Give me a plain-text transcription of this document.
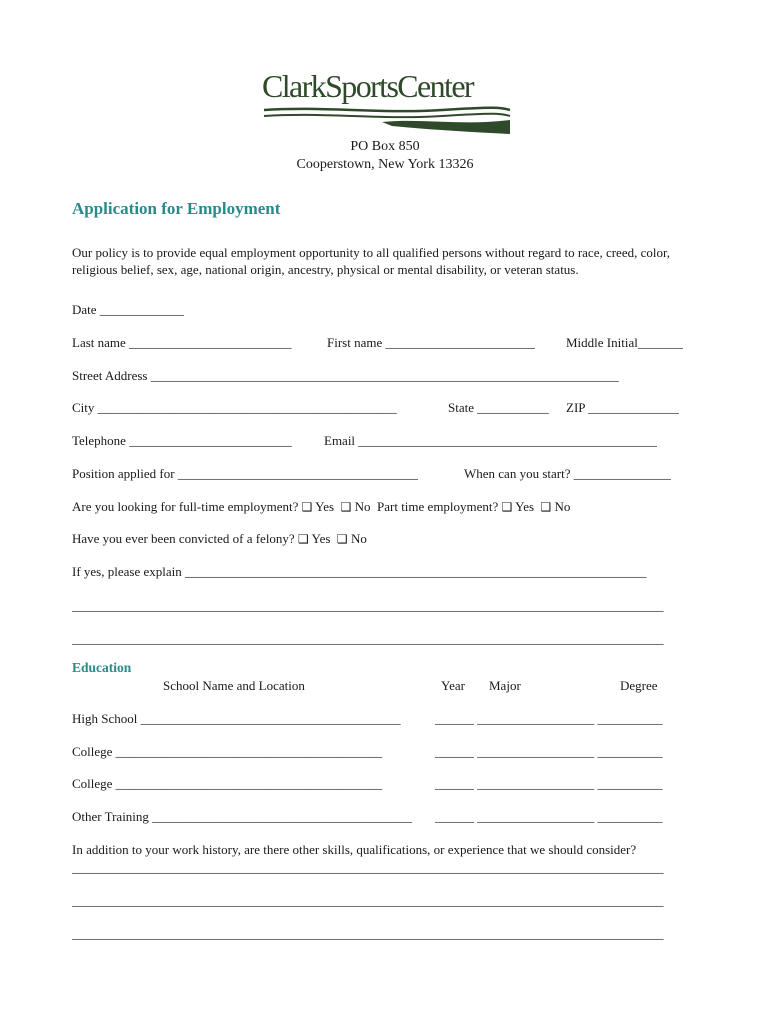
ClarkSportsCenter
PO Box 850
Cooperstown, New York 13326
Application for Employment
Our policy is to provide equal employment opportunity to all qualified persons without regard to race, creed, color, religious belief, sex, age, national origin, ancestry, physical or mental disability, or veteran status.
Date _____________
Last name _________________________	First name _______________________ Middle Initial_______
Street Address ________________________________________________________________________
City ______________________________________________	State ___________ ZIP ______________
Telephone _________________________ Email ______________________________________________
Position applied for _____________________________________	When can you start? _______________
Are you looking for full-time employment? ❑ Yes ❑ No Part time employment? ❑ Yes ❑ No
Have you ever been convicted of a felony? ❑ Yes ❑ No
If yes, please explain _______________________________________________________________________
___________________________________________________________________________________________
___________________________________________________________________________________________
Education
School Name and Location	Year Major	Degree
High School ________________________________________	______ __________________ __________
College _________________________________________	______ __________________ __________
College _________________________________________	______ __________________ __________
Other Training ________________________________________	______ __________________ __________
In addition to your work history, are there other skills, qualifications, or experience that we should consider?
___________________________________________________________________________________________
___________________________________________________________________________________________
___________________________________________________________________________________________
